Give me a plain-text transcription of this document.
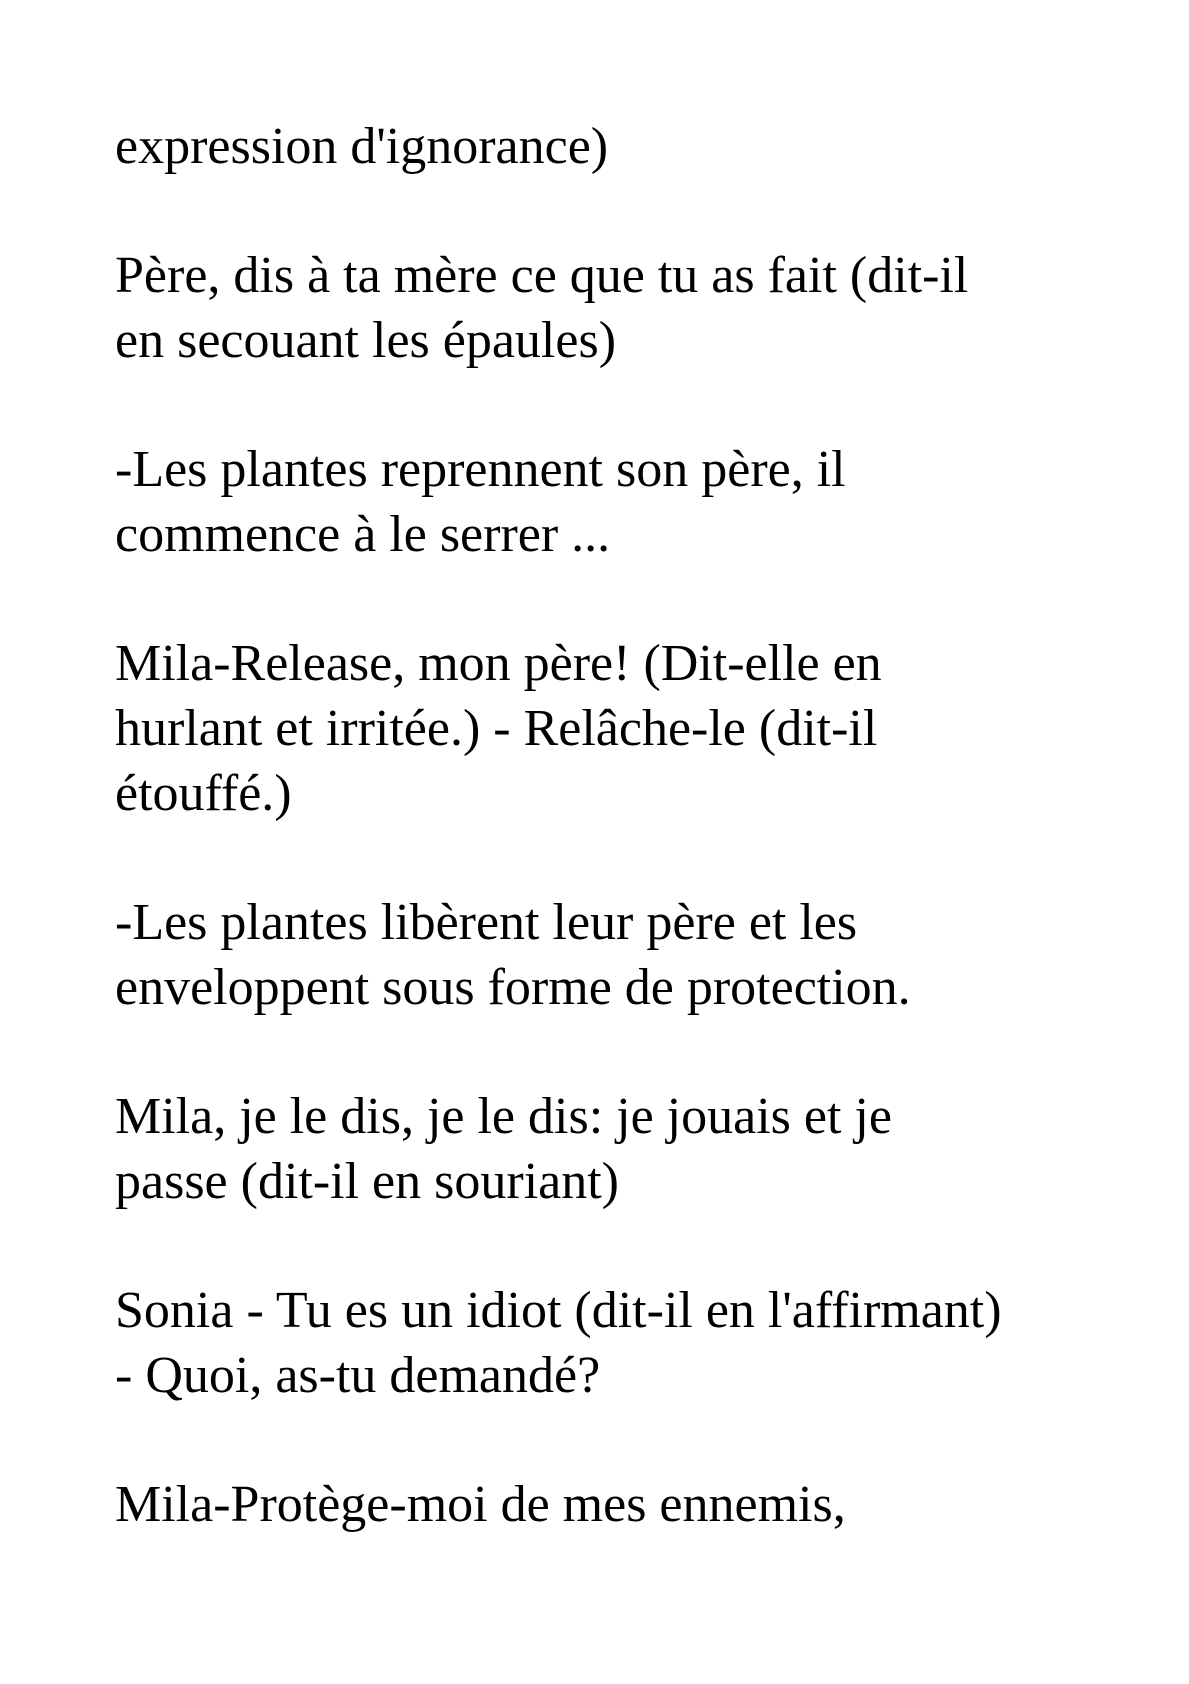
expression d'ignorance)

Père, dis à ta mère ce que tu as fait (dit-il
en secouant les épaules)

-Les plantes reprennent son père, il
commence à le serrer ...

Mila-Release, mon père! (Dit-elle en
hurlant et irritée.) - Relâche-le (dit-il
étouffé.)

-Les plantes libèrent leur père et les
enveloppent sous forme de protection.

Mila, je le dis, je le dis: je jouais et je
passe (dit-il en souriant)

Sonia - Tu es un idiot (dit-il en l'affirmant)
- Quoi, as-tu demandé?

Mila-Protège-moi de mes ennemis,
